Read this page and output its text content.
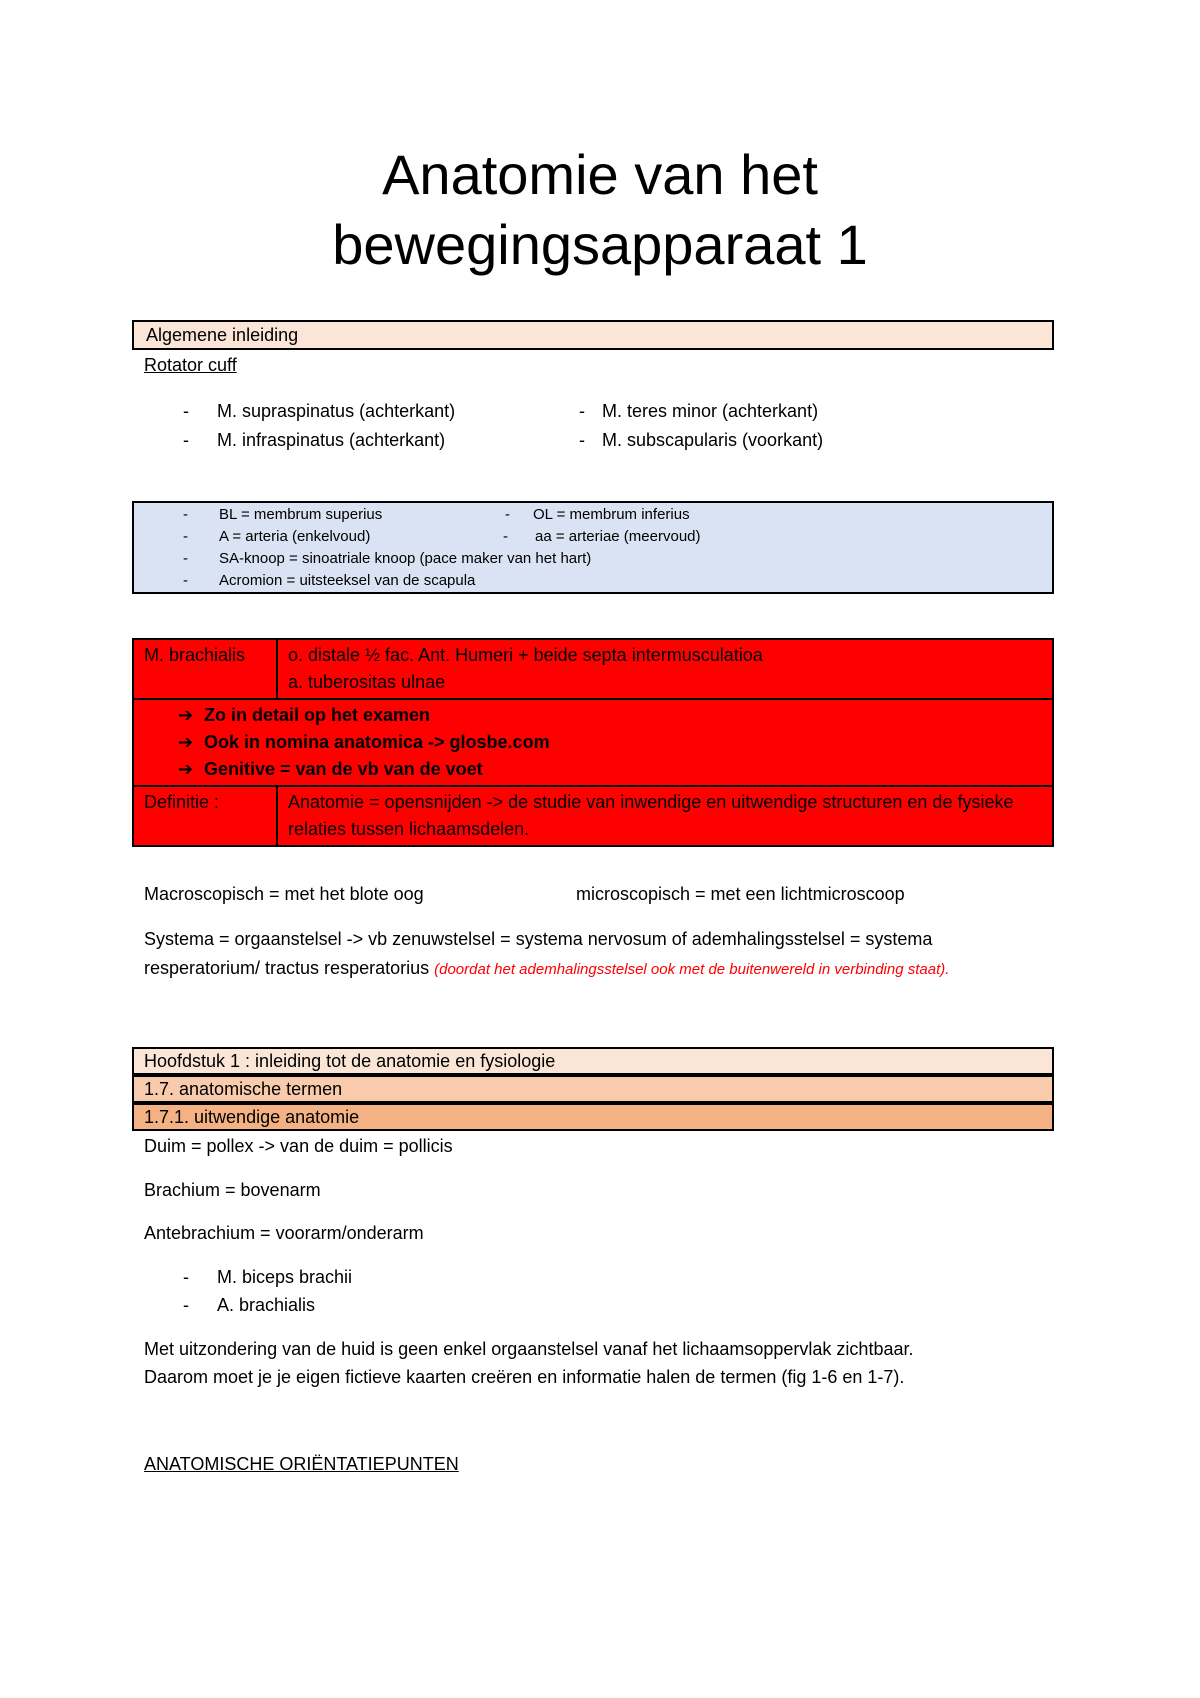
Anatomie van het
bewegingsapparaat 1
Algemene inleiding
Rotator cuff
- M. supraspinatus (achterkant)
- M. infraspinatus (achterkant)
- M. teres minor (achterkant)
- M. subscapularis (voorkant)
- BL = membrum superius	- OL = membrum inferius
- A = arteria (enkelvoud)	- aa = arteriae (meervoud)
- SA-knoop = sinoatriale knoop (pace maker van het hart)
- Acromion = uitsteeksel van de scapula
M. brachialis	o. distale ½ fac. Ant. Humeri + beide septa intermusculatioa
a. tuberositas ulnae

➔ Zo in detail op het examen
➔ Ook in nomina anatomica -> glosbe.com
➔ Genitive = van de vb van de voet	

Definitie :	Anatomie = opensnijden -> de studie van inwendige en uitwendige structuren en de fysieke relaties tussen lichaamsdelen.
Macroscopisch = met het blote oog	microscopisch = met een lichtmicroscoop
Systema = orgaanstelsel -> vb zenuwstelsel = systema nervosum of ademhalingsstelsel = systema
resperatorium/ tractus resperatorius (doordat het ademhalingsstelsel ook met de buitenwereld in verbinding staat).
Hoofdstuk 1 : inleiding tot de anatomie en fysiologie
1.7. anatomische termen
1.7.1. uitwendige anatomie
Duim = pollex -> van de duim = pollicis
Brachium = bovenarm
Antebrachium = voorarm/onderarm
- M. biceps brachii
- A. brachialis
Met uitzondering van de huid is geen enkel orgaanstelsel vanaf het lichaamsoppervlak zichtbaar.
Daarom moet je je eigen fictieve kaarten creëren en informatie halen de termen (fig 1-6 en 1-7).
ANATOMISCHE ORIËNTATIEPUNTEN
